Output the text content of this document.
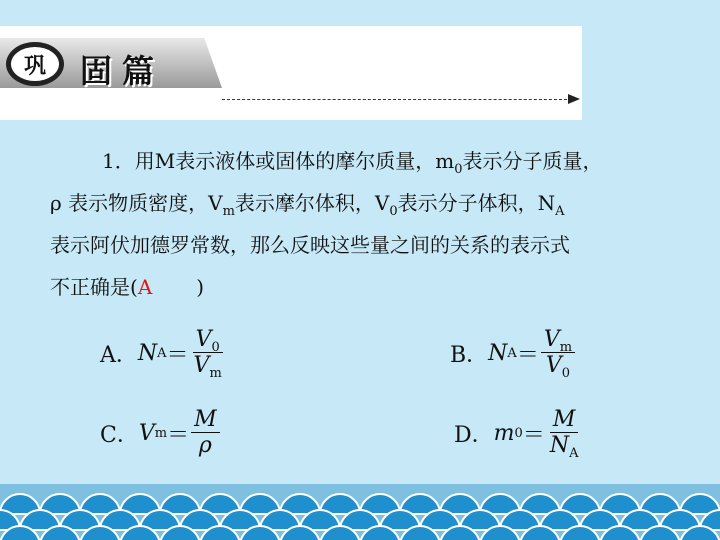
巩	固篇
1．用M表示液体或固体的摩尔质量，$m_0$表示分子质量，
ρ 表示物质密度，$V_m$表示摩尔体积，$V_0$表示分子体积，$N_A$
表示阿伏加德罗常数，那么反映这些量之间的关系的表示式
不正确是(A )
A． N $A = \frac{V_0}{V_m}$	B． N $A = \frac{V_m}{V_0}$
C． V $m = \frac{M}{\rho}$	D． m $0 = \frac{M}{N_A}$
